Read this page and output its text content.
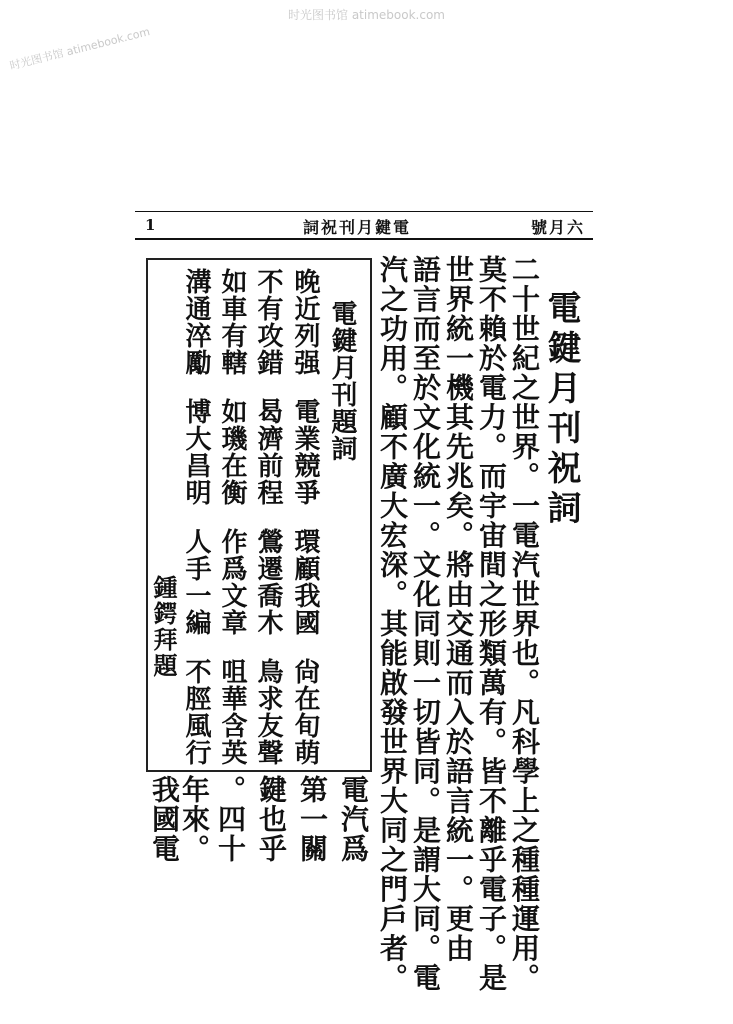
时光图书馆 atimebook.com
时光图书馆 atimebook.com
1	電鍵月刊祝詞	六月號
電鍵月刊祝詞
二十世紀之世界。一電汽世界也。凡科學上之種種運用。
莫不賴於電力。而宇宙間之形類萬有。皆不離乎電子。是
世界統一機其先兆矣。將由交通而入於語言統一。更由
語言而至於文化統一。文化同則一切皆同。是謂大同。電
汽之功用。顧不廣大宏深。其能啟發世界大同之門戶者。
電汽爲
第一關
鍵也乎
。四十
年來。
我國電
電鍵月刊題詞
晚近列强電業競爭環顧我國尙在旬萌
不有攻錯曷濟前程鶯遷喬木鳥求友聲
如車有轄如璣在衡作爲文章咀華含英
溝通淬勵博大昌明人手一編不脛風行
鍾鍔拜題
